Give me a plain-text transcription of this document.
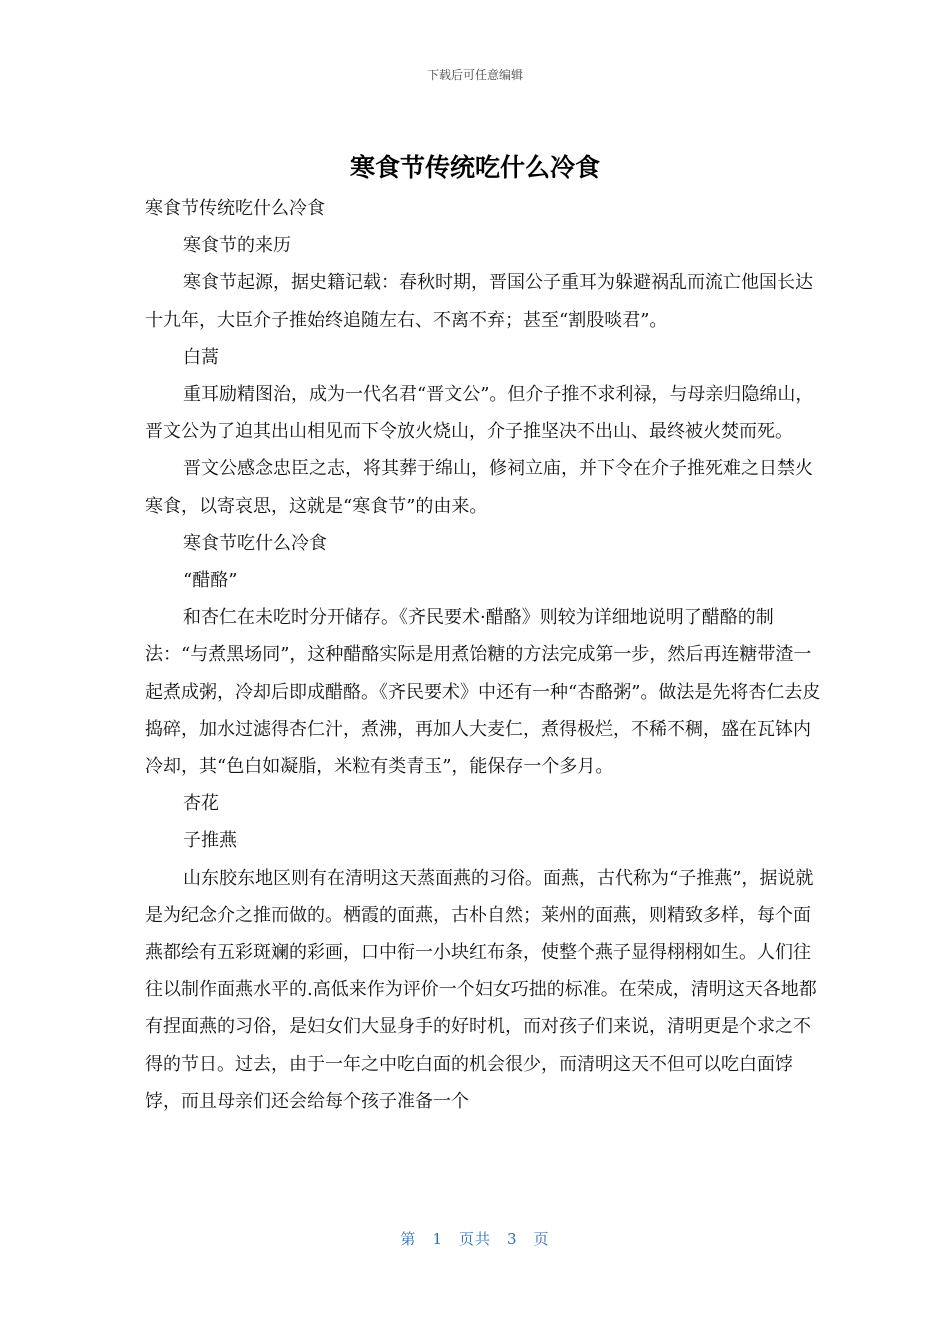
下载后可任意编辑
寒食节传统吃什么冷食

寒食节传统吃什么冷食

寒食节的来历

寒食节起源，据史籍记载：春秋时期，晋国公子重耳为躲避祸乱而流亡他国长达十九年，大臣介子推始终追随左右、不离不弃；甚至“割股啖君”。

白蒿

重耳励精图治，成为一代名君“晋文公”。但介子推不求利禄，与母亲归隐绵山，晋文公为了迫其出山相见而下令放火烧山，介子推坚决不出山、最终被火焚而死。

晋文公感念忠臣之志，将其葬于绵山，修祠立庙，并下令在介子推死难之日禁火寒食，以寄哀思，这就是“寒食节”的由来。

寒食节吃什么冷食

“醋酪”

和杏仁在未吃时分开储存。《齐民要术·醋酪》则较为详细地说明了醋酪的制法：“与煮黑场同”，这种醋酪实际是用煮饴糖的方法完成第一步，然后再连糖带渣一起煮成粥，冷却后即成醋酪。《齐民要术》中还有一种“杏酪粥”。做法是先将杏仁去皮捣碎，加水过滤得杏仁汁，煮沸，再加人大麦仁，煮得极烂，不稀不稠，盛在瓦钵内冷却，其“色白如凝脂，米粒有类青玉”，能保存一个多月。

杏花

子推燕

山东胶东地区则有在清明这天蒸面燕的习俗。面燕，古代称为“子推燕”，据说就是为纪念介之推而做的。栖霞的面燕，古朴自然；莱州的面燕，则精致多样，每个面燕都绘有五彩斑斓的彩画，口中衔一小块红布条，使整个燕子显得栩栩如生。人们往往以制作面燕水平的.高低来作为评价一个妇女巧拙的标准。在荣成，清明这天各地都有捏面燕的习俗，是妇女们大显身手的好时机，而对孩子们来说，清明更是个求之不得的节日。过去，由于一年之中吃白面的机会很少，而清明这天不但可以吃白面饽饽，而且母亲们还会给每个孩子准备一个

第 1 页共 3 页
